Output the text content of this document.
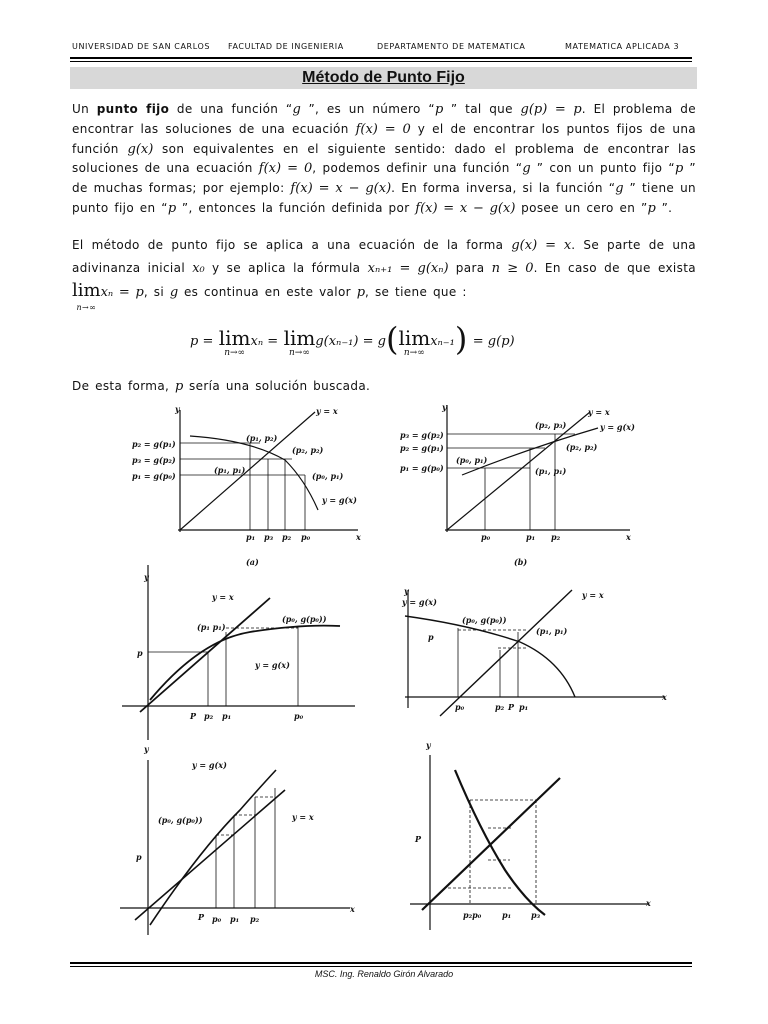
UNIVERSIDAD DE SAN CARLOS FACULTAD DE INGENIERIA	DEPARTAMENTO DE MATEMATICA	MATEMATICA APLICADA 3
Método de Punto Fijo
Un punto fijo de una función “g ”, es un número “p ” tal que g(p) = p. El problema de encontrar las soluciones de una ecuación f(x) = 0 y el de encontrar los puntos fijos de una función g(x) son equivalentes en el siguiente sentido: dado el problema de encontrar las soluciones de una ecuación f(x) = 0, podemos definir una función “g ” con un punto fijo “p ” de muchas formas; por ejemplo: f(x) = x − g(x). En forma inversa, si la función “g ” tiene un punto fijo en “p ”, entonces la función definida por f(x) = x − g(x) posee un cero en ”p ”.
El método de punto fijo se aplica a una ecuación de la forma g(x) = x. Se parte de una adivinanza inicial x₀ y se aplica la fórmula xₙ₊₁ = g(xₙ) para n ≥ 0. En caso de que exista lim
n→∞
xₙ = p, si g es continua en este valor p, se tiene que :
p = lim
n→∞
xₙ = lim
n→∞
g(xₙ₋₁) = g(lim
n→∞
xₙ₋₁) = g(p)
De esta forma, p sería una solución buscada.
y
x
y = x
y = g(x)
p₂ = g(p₁)
p₃ = g(p₂)
p₁ = g(p₀)
(p₁, p₂)
(p₂, p₂)
(p₁, p₁)
(p₀, p₁)
p₁ p₃ p₂ p₀
(a)
y
x
y = x
y = g(x)
p₃ = g(p₂)
p₂ = g(p₁)
p₁ = g(p₀)
(p₂, p₃)
(p₂, p₂)
(p₀, p₁)
(p₁, p₁)
p₀	p₁ p₂
(b)
y
p
y = x
y = g(x)
(p₁ p₁)
(p₀, g(p₀))
P p₂ p₁	p₀
y
x
p
y = x
y = g(x)
(p₀, g(p₀))
(p₁, p₁)
p₀	p₂ P p₁
y
x
p
y = g(x)
y = x
(p₀, g(p₀))
P p₀ p₁ p₂
y
x
P
p₂p₀	p₁ p₃
MSC. Ing. Renaldo Girón Alvarado
